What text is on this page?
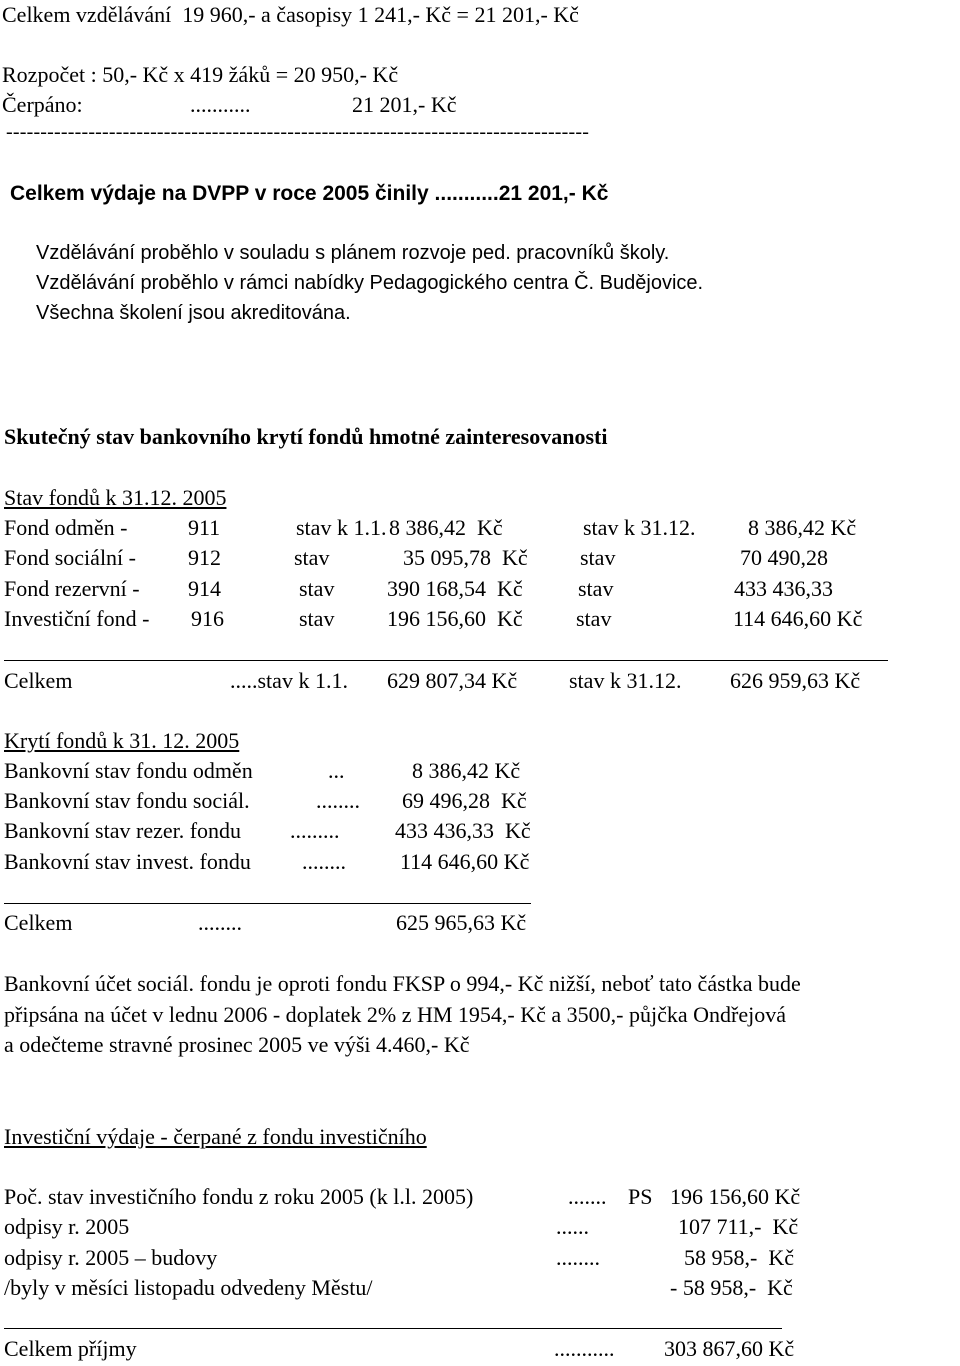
Celkem vzdělávání  19 960,- a časopisy 1 241,- Kč = 21 201,- Kč
Rozpočet : 50,- Kč x 419 žáků = 20 950,- Kč
Čerpáno:	...........	21 201,- Kč
-------------------------------------------------------------------------------------
Celkem výdaje na DVPP v roce 2005 činily ...........21 201,- Kč
Vzdělávání proběhlo v souladu s plánem rozvoje ped. pracovníků školy.
Vzdělávání proběhlo v rámci nabídky Pedagogického centra Č. Budějovice.
Všechna školení jsou akreditována.
Skutečný stav bankovního krytí fondů hmotné zainteresovanosti
Stav fondů k 31.12. 2005
Fond odměn -	911	stav k 1.1. 8 386,42  Kč	stav k 31.12. 8 386,42 Kč
Fond sociální - 912	stav	35 095,78  Kč stav	70 490,28
Fond rezervní - 914	stav 390 168,54  Kč	stav	433 436,33
Investiční fond - 916	stav 196 156,60  Kč stav	114 646,60 Kč
Celkem	.....stav k 1.1. 629 807,34 Kč stav k 31.12. 626 959,63 Kč
Krytí fondů k 31. 12. 2005
Bankovní stav fondu odměn	...	8 386,42 Kč
Bankovní stav fondu sociál.	........ 69 496,28  Kč
Bankovní stav rezer. fondu .........	433 436,33  Kč
Bankovní stav invest. fondu ........ 114 646,60 Kč
Celkem	........	625 965,63 Kč
Bankovní účet sociál. fondu je oproti fondu FKSP o 994,- Kč nižší, neboť tato částka bude
připsána na účet v lednu 2006 - doplatek 2% z HM 1954,- Kč a 3500,- půjčka Ondřejová
a odečteme stravné prosinec 2005 ve výši 4.460,- Kč
Investiční výdaje - čerpané z fondu investičního
Poč. stav investičního fondu z roku 2005 (k l.l. 2005)	....... PS 196 156,60 Kč
odpisy r. 2005	......	107 711,-  Kč
odpisy r. 2005 – budovy	........	58 958,-  Kč
/byly v měsíci listopadu odvedeny Městu/	- 58 958,-  Kč
Celkem příjmy	........... 303 867,60 Kč
